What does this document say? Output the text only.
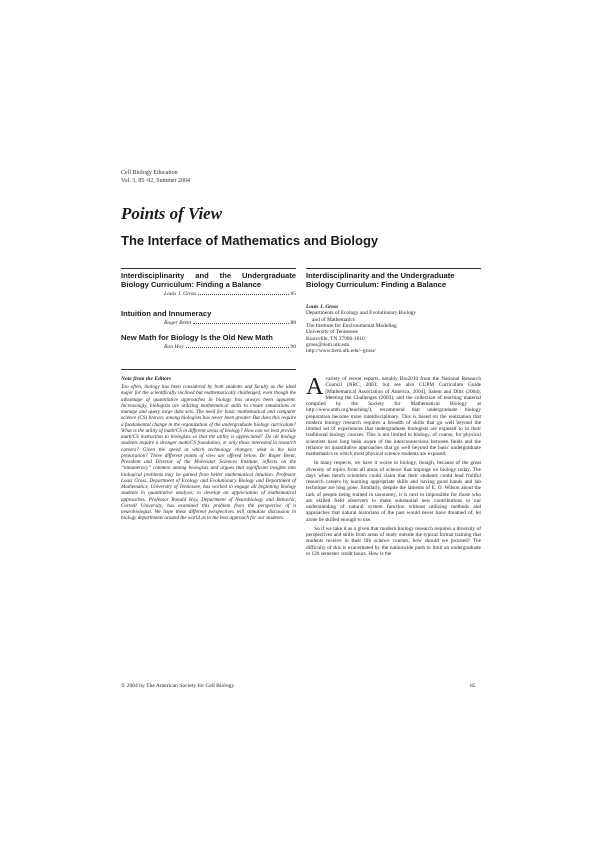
Cell Biology Education
Vol. 3, 85–92, Summer 2004
Points of View
The Interface of Mathematics and Biology
Interdisciplinarity and the Undergraduate Biology Curriculum: Finding a Balance
Louis J. Gross	85
Intuition and Innumeracy
Roger Brent	88
New Math for Biology Is the Old New Math
Ron Hoy	90
Note from the Editors
Too often, biology has been considered by both students and faculty as the ideal major for the scientifically inclined but mathematically challenged, even though the advantage of quantitative approaches in biology has always been apparent. Increasingly, biologists are utilizing mathematical skills to create simulations or manage and query large data sets. The need for basic mathematical and computer science (CS) literacy among biologists has never been greater. But does this require a fundamental change in the organization of the undergraduate biology curriculum? What is the utility of math/CS in different areas of biology? How can we best provide math/CS instruction to biologists so that the utility is appreciated? Do all biology students require a stronger math/CS foundation, or only those interested in research careers? Given the speed at which technology changes, what is the best preparation? Three different points of view are offered below. Dr. Roger Brent, President and Director of the Molecular Sciences Institute, reflects on the “innumeracy” common among biologists and argues that significant insights into biological problems may be gained from better mathematical intuition. Professor Louis Gross, Department of Ecology and Evolutionary Biology and Department of Mathematics, University of Tennessee, has worked to engage all beginning biology students in quantitative analysis, to develop an appreciation of mathematical approaches. Professor Ronald Hoy, Department of Neurobiology and Behavior, Cornell University, has examined this problem from the perspective of a neurobiologist. We hope these different perspectives will stimulate discussion in biology departments around the world as to the best approach for our students.
Interdisciplinarity and the Undergraduate Biology Curriculum: Finding a Balance
Louis J. Gross
Departments of Ecology and Evolutionary Biology
and of Mathematics
The Institute for Environmental Modeling
University of Tennessee
Knoxville, TN 37996-1610
gross@tiem.utk.edu
http://www.tiem.utk.edu/~gross/

Avariety of recent reports, notably Bio2010 from the National Research Council (NRC, 2003; but see also CUPM Curriculum Guide [Mathematical Association of America, 2004], Salem and Dilts (2004), Meeting the Challenges (2003), and the collection of teaching material compiled by the Society for Mathematical Biology at http://www.smb.org/teaching/), recommend that undergraduate biology preparation become more interdisciplinary. This is based on the realization that modern biology research requires a breadth of skills that go well beyond the limited set of experiences that undergraduate biologists are exposed to in their traditional biology courses. This is not limited to biology, of course, for physical scientists have long been aware of the interconnections between fields and the reliance on quantitative approaches that go well beyond the basic undergraduate mathematics to which most physical science students are exposed.

In many respects, we have it worse in biology, though, because of the great diversity of topics from all areas of science that impinge on biology today. The days when bench scientists could claim that their students could lead fruitful research careers by learning appropriate skills and having good hands and lab technique are long gone. Similarly, despite the laments of E. O. Wilson about the lack of people being trained in taxonomy, it is next to impossible for those who are skilled field observers to make substantial new contributions to our understanding of natural system function without utilizing methods and approaches that natural historians of the past would never have dreamed of, let alone be skilled enough to use.

So if we take it as a given that modern biology research requires a diversity of perspectives and skills from areas of study outside the typical formal training that students receive in their life science courses, how should we proceed? The difficulty of this is exacerbated by the nationwide push to limit an undergraduate to 120 semester credit hours. How is the

© 2004 by The American Society for Cell Biology	85
